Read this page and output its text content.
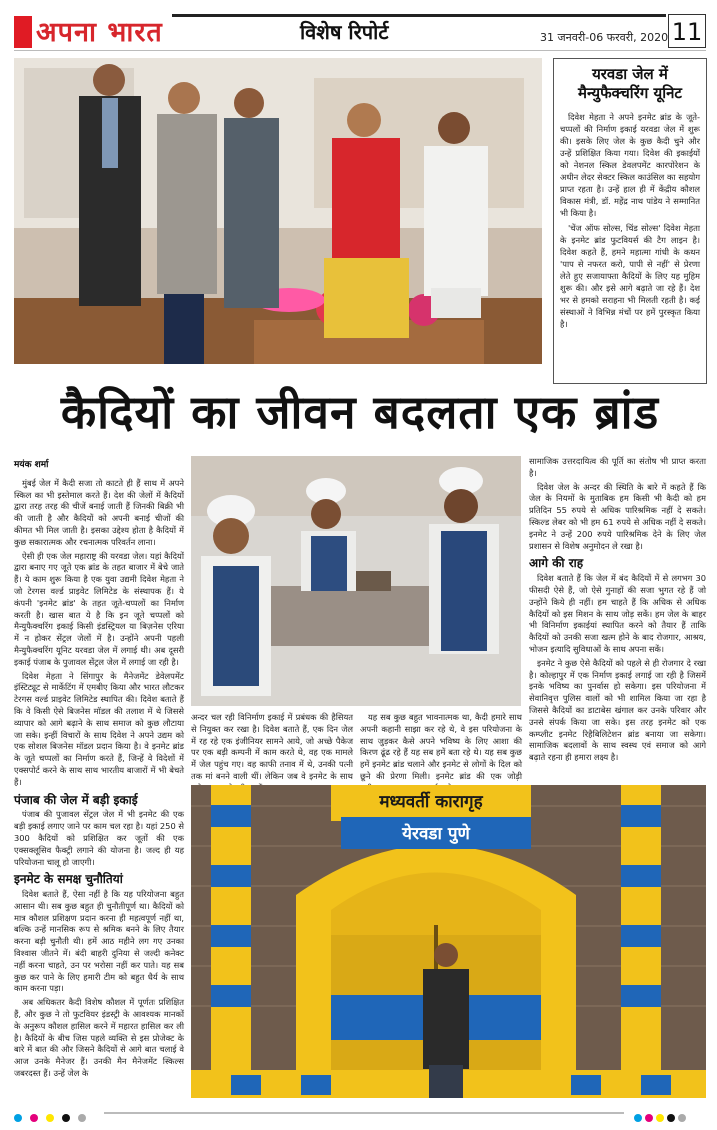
अपना भारत	विशेष रिपोर्ट	31 जनवरी-06 फरवरी, 2020 11
यरवडा जेल में मैन्युफैक्चरिंग यूनिट

दिवेश मेहता ने अपने इनमेट ब्रांड के जूते-चप्पलों की निर्माण इकाई यरवडा जेल में शुरू की। इसके लिए जेल के कुछ कैदी चुने और उन्हें प्रशिक्षित किया गया। दिवेश की इकाईयों को नेशनल स्किल डेवलपमेंट कारपोरेशन के अधीन लेदर सेक्टर स्किल काउंसिल का सहयोग प्राप्त रहता है। उन्हें हाल ही में केंद्रीय कौशल विकास मंत्री, डॉ. महेंद्र नाथ पांडेय ने सम्मानित भी किया है।

'चेंज ऑफ सोल्स, चिंड सोल्स' दिवेश मेहता के इनमेट ब्रांड फुटवियर्स की टैग लाइन है। दिवेश कहते हैं, हमने महात्मा गांधी के कथन 'पाप से नफरत करो, पापी से नहीं' से प्रेरणा लेते हुए सजायाफ्ता कैदियों के लिए यह मुहिम शुरू की। और इसे आगे बढ़ाते जा रहे हैं। देश भर से हमको सराहना भी मिलती रहती है। कई संस्थाओं ने विभिन्न मंचों पर हमें पुरस्कृत किया है।

कैदियों का जीवन बदलता एक ब्रांड
मयंक शर्मा

मुंबई जेल में कैदी सजा तो काटते ही हैं साथ में अपने स्किल का भी इस्तेमाल करते हैं। देश की जेलों में कैदियों द्वारा तरह तरह की चीजें बनाई जाती हैं जिनकी बिक्री भी की जाती है और कैदियों को अपनी बनाई चीजों की कीमत भी मिल जाती है। इसका उद्देश्य होता है कैदियों में कुछ सकारात्मक और रचनात्मक परिवर्तन लाना।

ऐसी ही एक जेल महाराष्ट्र की यरवडा जेल। यहां कैदियों द्वारा बनाए गए जूते एक ब्रांड के तहत बाजार में बेचे जाते हैं। ये काम शुरू किया है एक युवा उद्यमी दिवेश मेहता ने जो टेरगस वर्ल्ड प्राइवेट लिमिटेड के संस्थापक हैं। ये कंपनी 'इनमेट ब्रांड' के तहत जूते-चप्पलों का निर्माण करती है। खास बात ये है कि इन जूते चप्पलों को मैन्युफैक्चरिंग इकाई किसी इंडस्ट्रियल या बिज़नेस एरिया में न होकर सेंट्रल जेलों में है। उन्होंने अपनी पहली मैन्युफैक्चरिंग यूनिट यरवडा जेल में लगाई थी। अब दूसरी इकाई पंजाब के पुजावल सेंट्रल जेल में लगाई जा रही है।

दिवेश मेहता ने सिंगापुर के मैनेजमेंट डेवेलपमेंट इंस्टिट्यूट से मार्केटिंग में एमबीए किया और भारत लौटकर टेरगस वर्ल्ड प्राइवेट लिमिटेड स्थापित की। दिवेश बताते हैं कि वे किसी ऐसे बिजनेस मॉडल की तलाश में थे जिससे व्यापार को आगे बढ़ाने के साथ समाज को कुछ लौटाया जा सके। इन्हीं विचारों के साथ दिवेश ने अपने उद्यम को एक सोशल बिजनेस मॉडल प्रदान किया है। वे इनमेट ब्रांड के जूते चप्पलों का निर्माण करते हैं, जिन्हें वे विदेशों में एक्सपोर्ट करने के साथ साथ भारतीय बाजारों में भी बेचते हैं।

पंजाब की जेल में बड़ी इकाई

पंजाब की पुजावल सेंट्रल जेल में भी इनमेट की एक बड़ी इकाई लगाए जाने पर काम चल रहा है। यहां 250 से 300 कैदियों को प्रशिक्षित कर जूतों की एक एक्सक्लूसिव फैक्ट्री लगाने की योजना है। जल्द ही यह परियोजना चालू हो जाएगी।

इनमेट के समक्ष चुनौतियां

दिवेश बताते हैं, ऐसा नहीं है कि यह परियोजना बहुत आसान थी। सब कुछ बहुत ही चुनौतीपूर्ण था। कैदियों को मात्र कौशल प्रशिक्षण प्रदान करना ही महत्वपूर्ण नहीं था, बल्कि उन्हें मानसिक रूप से श्रमिक बनने के लिए तैयार करना बड़ी चुनौती थी। हमें आठ महीने लग गए उनका विश्वास जीतने में। बंदी बाहरी दुनिया से जल्दी कनेक्ट नहीं करना चाहते, उन पर भरोसा नहीं कर पाते। यह सब कुछ कर पाने के लिए हमारी टीम को बहुत धैर्य के साथ काम करना पड़ा।

अब अधिकतर कैदी विशेष कौशल में पूर्णतः प्रशिक्षित हैं, और कुछ ने तो फुटवियर इंडस्ट्री के आवश्यक मानकों के अनुरूप कौशल हासिल करने में महारत हासिल कर ली है। कैदियों के बीच जिस पहले व्यक्ति से इस प्रोजेक्ट के बारे में बात की और जिसने कैदियों से आगे बात चलाई वे आज उनके मैनेजर हैं। उनकी मैन मैनेजमेंट स्किल्स जबरदस्त हैं। उन्हें जेल के

अन्दर चल रही विनिर्माण इकाई में प्रबंधक की हैसियत से नियुक्त कर रखा है। दिवेश बताते हैं, एक दिन जेल में रह रहे एक इंजीनियर सामने आये, जो अच्छे पैकेज पर एक बड़ी कम्पनी में काम करते थे, वह एक मामले में जेल पहुंच गए। वह काफी तनाव में थे, उनकी पत्नी तक मां बनने वाली थीं। लेकिन जब वे इनमेट के साथ

यह सब कुछ बहुत भावनात्मक था, कैदी हमारे साथ अपनी कहानी साझा कर रहे थे, वे इस परियोजना के साथ जुड़कर कैसे अपने भविष्य के लिए आशा की किरण ढूंढ रहे हैं यह सब हमें बता रहे थे। यह सब कुछ हमें इनमेट ब्रांड चलाने और इनमेट से लोगों के दिल को छूने की प्रेरणा मिली। इनमेट ब्रांड की एक जोड़ी

सामाजिक उत्तरदायित्व की पूर्ति का संतोष भी प्राप्त करता है।

दिवेश जेल के अन्दर की स्थिति के बारे में कहते हैं कि जेल के नियमों के मुताबिक हम किसी भी कैदी को हम प्रतिदिन 55 रुपये से अधिक पारिश्रमिक नहीं दे सकते। स्किल्ड लेबर को भी हम 61 रुपये से अधिक नहीं दे सकते। इनमेट ने उन्हें 200 रुपये पारिश्रमिक देने के लिए जेल प्रशासन से विशेष अनुमोदन ले रखा है।

आगे की राह

दिवेश बताते हैं कि जेल में बंद कैदियों में से लगभग 30 फीसदी ऐसे हैं, जो ऐसे गुनाहों की सजा भुगत रहे हैं जो उन्होंने किये ही नहीं। हम चाहते हैं कि अधिक से अधिक कैदियों को इस मिशन के साथ जोड़ सकें। हम जेल के बाहर भी विनिर्माण इकाईयां स्थापित करने को तैयार हैं ताकि कैदियों को उनकी सजा खत्म होने के बाद रोजगार, आश्रय, भोजन इत्यादि सुविधाओं के साथ अपना सकें।

इनमेट ने कुछ ऐसे कैदियों को पहले से ही रोजगार दे रखा है। कोल्हापुर में एक निर्माण इकाई लगाई जा रही है जिसमें इनके भविष्य का पुनर्वास हो सकेगा। इस परियोजना में सेवानिवृत्त पुलिस वालों को भी शामिल किया जा रहा है जिससे कैदियों का डाटाबेस खंगाल कर उनके परिवार और उनसे संपर्क किया जा सके। इस तरह इनमेट को एक कम्प्लीट इनमेट रिहैबिलिटेशन ब्रांड बनाया जा सकेगा। सामाजिक बदलावों के साथ स्वस्थ एवं समाज को आगे बढ़ाते रहना ही हमारा लक्ष्य है।

मध्यवर्ती कारागृह
येरवडा पुणे
